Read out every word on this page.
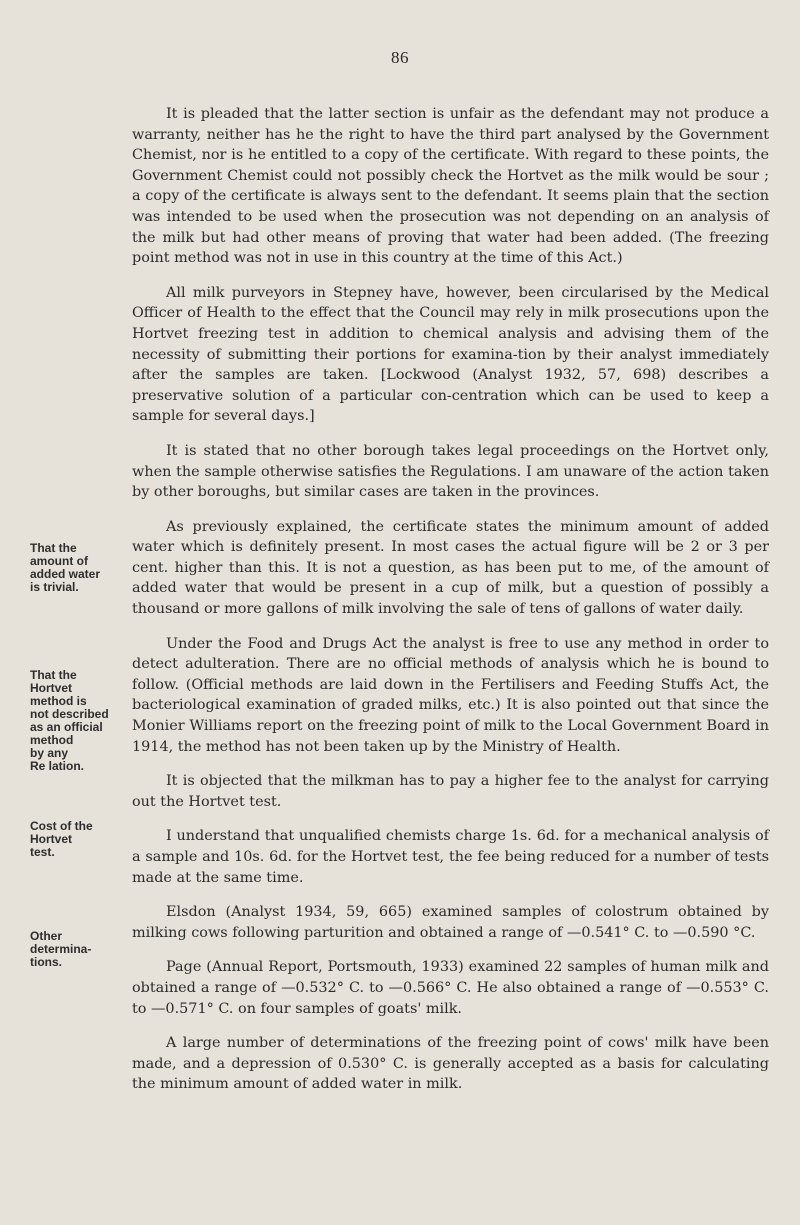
86

It is pleaded that the latter section is unfair as the defendant may not produce a warranty, neither has he the right to have the third part analysed by the Government Chemist, nor is he entitled to a copy of the certificate. With regard to these points, the Government Chemist could not possibly check the Hortvet as the milk would be sour ; a copy of the certificate is always sent to the defendant. It seems plain that the section was intended to be used when the prosecution was not depending on an analysis of the milk but had other means of proving that water had been added. (The freezing point method was not in use in this country at the time of this Act.)

All milk purveyors in Stepney have, however, been circularised by the Medical Officer of Health to the effect that the Council may rely in milk prosecutions upon the Hortvet freezing test in addition to chemical analysis and advising them of the necessity of submitting their portions for examina-tion by their analyst immediately after the samples are taken. [Lockwood (Analyst 1932, 57, 698) describes a preservative solution of a particular con-centration which can be used to keep a sample for several days.]

It is stated that no other borough takes legal proceedings on the Hortvet only, when the sample otherwise satisfies the Regulations. I am unaware of the action taken by other boroughs, but similar cases are taken in the provinces.

As previously explained, the certificate states the minimum amount of added water which is definitely present. In most cases the actual figure will be 2 or 3 per cent. higher than this. It is not a question, as has been put to me, of the amount of added water that would be present in a cup of milk, but a question of possibly a thousand or more gallons of milk involving the sale of tens of gallons of water daily.

Under the Food and Drugs Act the analyst is free to use any method in order to detect adulteration. There are no official methods of analysis which he is bound to follow. (Official methods are laid down in the Fertilisers and Feeding Stuffs Act, the bacteriological examination of graded milks, etc.) It is also pointed out that since the Monier Williams report on the freezing point of milk to the Local Government Board in 1914, the method has not been taken up by the Ministry of Health.

It is objected that the milkman has to pay a higher fee to the analyst for carrying out the Hortvet test.

I understand that unqualified chemists charge 1s. 6d. for a mechanical analysis of a sample and 10s. 6d. for the Hortvet test, the fee being reduced for a number of tests made at the same time.

Elsdon (Analyst 1934, 59, 665) examined samples of colostrum obtained by milking cows following parturition and obtained a range of —0.541° C. to —0.590 °C.

Page (Annual Report, Portsmouth, 1933) examined 22 samples of human milk and obtained a range of —0.532° C. to —0.566° C. He also obtained a range of —0.553° C. to —0.571° C. on four samples of goats' milk.

A large number of determinations of the freezing point of cows' milk have been made, and a depression of 0.530° C. is generally accepted as a basis for calculating the minimum amount of added water in milk.

That the
amount of
added water
is trivial.
That the
Hortvet
method is
not described
as an official
method
by any
Re lation.
Cost of the
Hortvet
test.
Other
determina-
tions.
